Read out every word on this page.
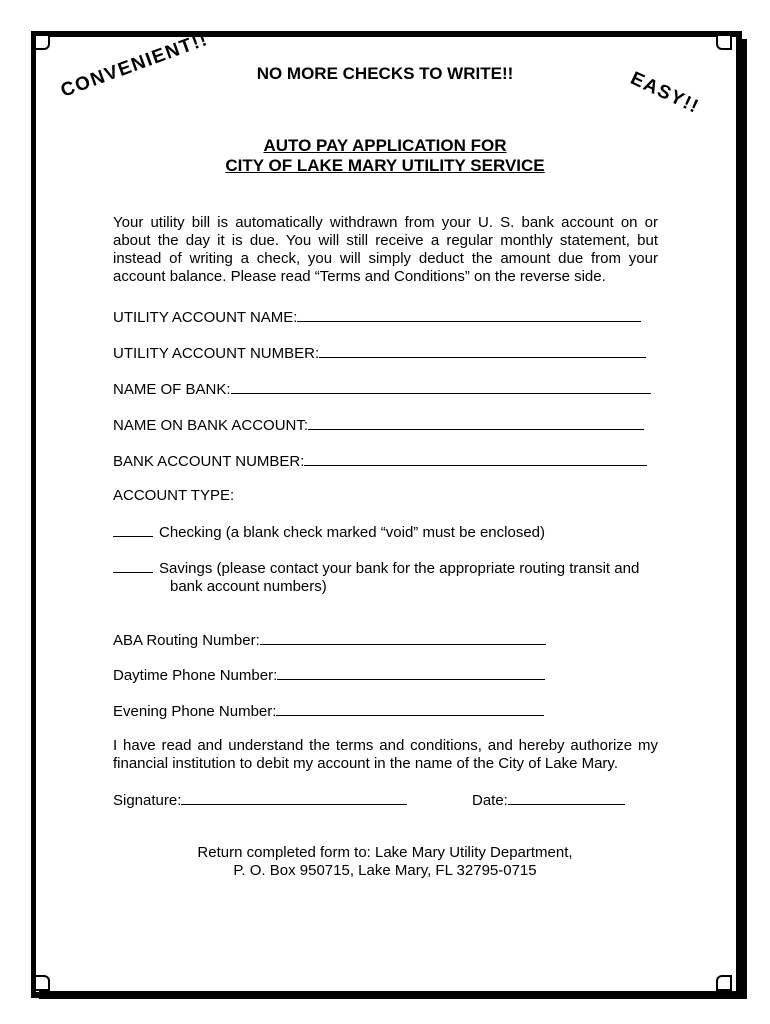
CONVENIENT!!	EASY!!
NO MORE CHECKS TO WRITE!!
AUTO PAY APPLICATION FOR
CITY OF LAKE MARY UTILITY SERVICE
Your utility bill is automatically withdrawn from your U. S. bank account on or about the day it is due. You will still receive a regular monthly statement, but instead of writing a check, you will simply deduct the amount due from your account balance. Please read “Terms and Conditions” on the reverse side.
UTILITY ACCOUNT NAME:
UTILITY ACCOUNT NUMBER:
NAME OF BANK:
NAME ON BANK ACCOUNT:
BANK ACCOUNT NUMBER:
ACCOUNT TYPE:
Checking (a blank check marked “void” must be enclosed)
Savings (please contact your bank for the appropriate routing transit and
bank account numbers)
ABA Routing Number:
Daytime Phone Number:
Evening Phone Number:
I have read and understand the terms and conditions, and hereby authorize my financial institution to debit my account in the name of the City of Lake Mary.
Signature:	Date:
Return completed form to: Lake Mary Utility Department,
P. O. Box 950715, Lake Mary, FL 32795-0715
